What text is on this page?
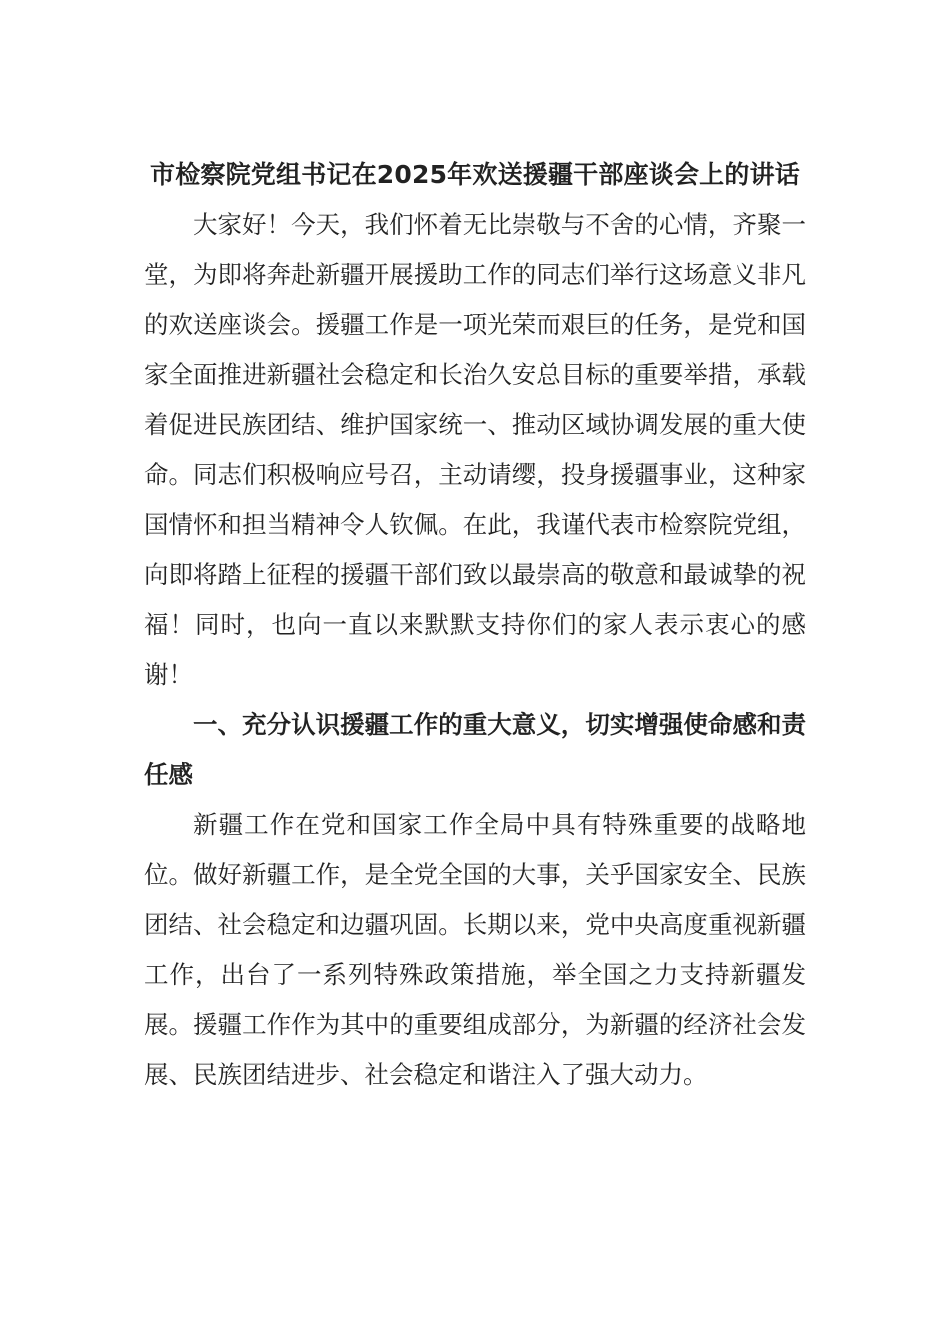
市检察院党组书记在2025年欢送援疆干部座谈会上的讲话

大家好！今天，我们怀着无比崇敬与不舍的心情，齐聚一堂，为即将奔赴新疆开展援助工作的同志们举行这场意义非凡的欢送座谈会。援疆工作是一项光荣而艰巨的任务，是党和国家全面推进新疆社会稳定和长治久安总目标的重要举措，承载着促进民族团结、维护国家统一、推动区域协调发展的重大使命。同志们积极响应号召，主动请缨，投身援疆事业，这种家国情怀和担当精神令人钦佩。在此，我谨代表市检察院党组，向即将踏上征程的援疆干部们致以最崇高的敬意和最诚挚的祝福！同时，也向一直以来默默支持你们的家人表示衷心的感谢！

一、充分认识援疆工作的重大意义，切实增强使命感和责任感

新疆工作在党和国家工作全局中具有特殊重要的战略地位。做好新疆工作，是全党全国的大事，关乎国家安全、民族团结、社会稳定和边疆巩固。长期以来，党中央高度重视新疆工作，出台了一系列特殊政策措施，举全国之力支持新疆发展。援疆工作作为其中的重要组成部分，为新疆的经济社会发展、民族团结进步、社会稳定和谐注入了强大动力。
